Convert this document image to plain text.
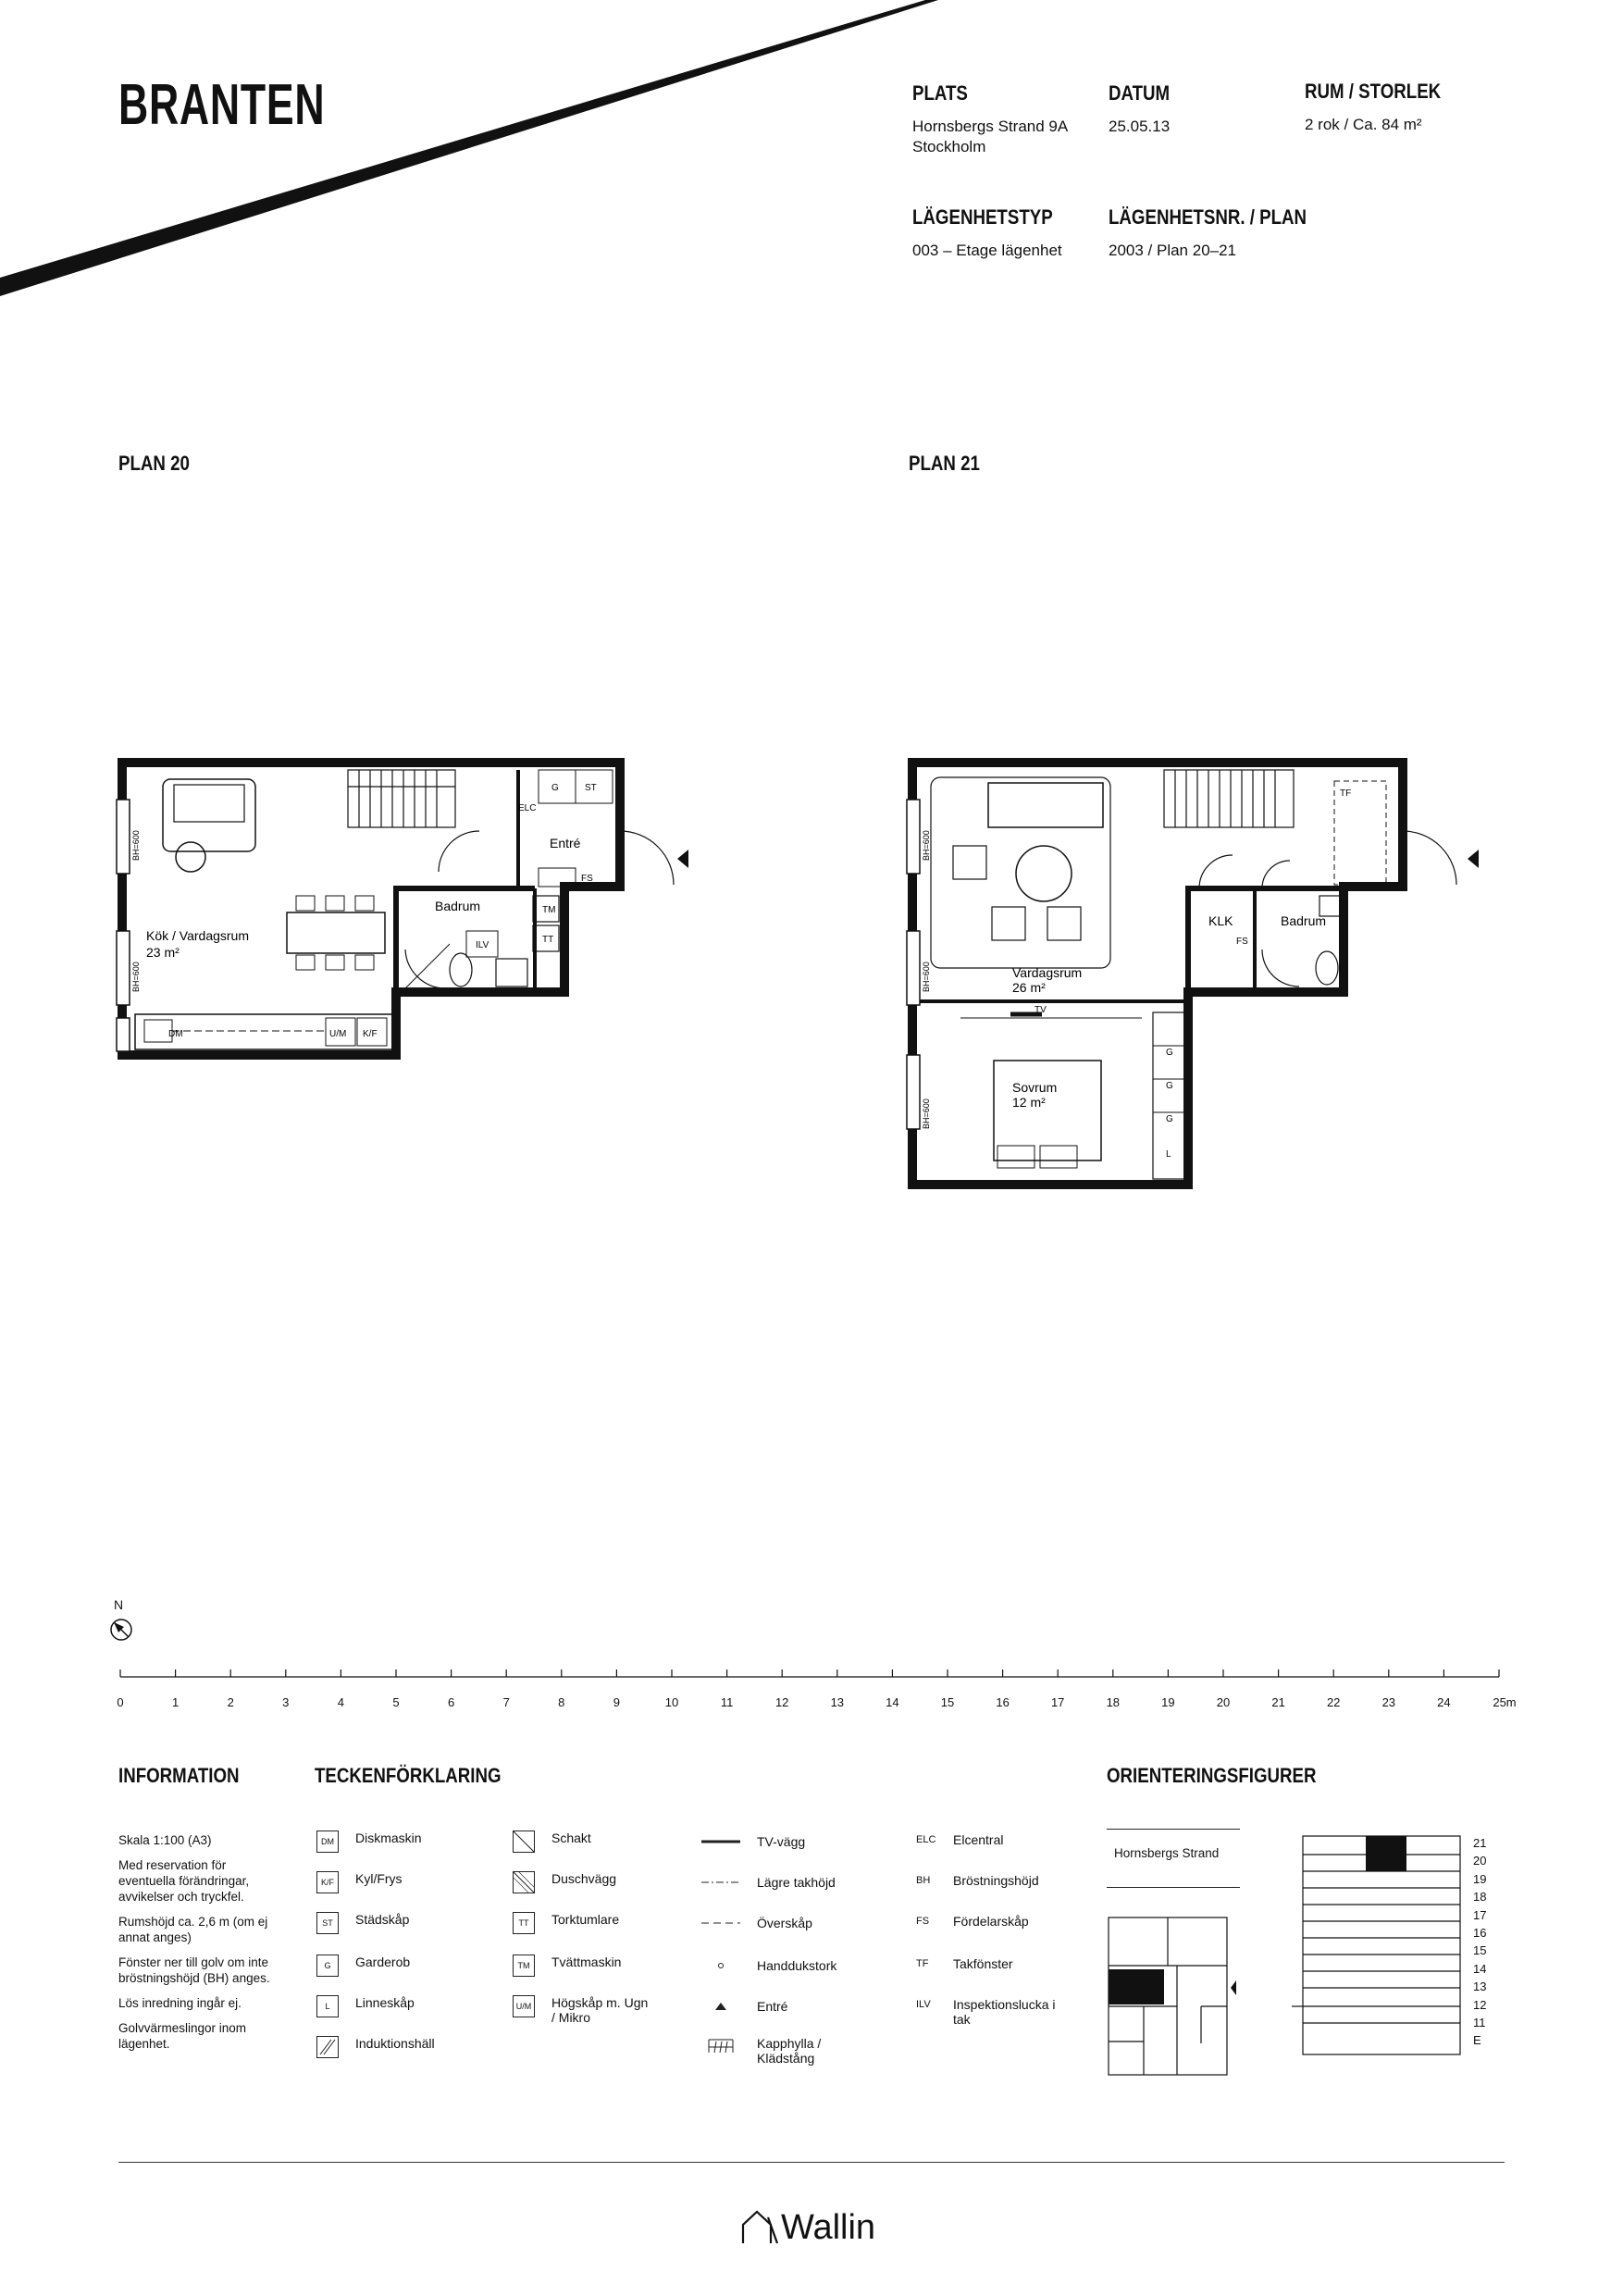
BRANTEN	PLATS
Hornsbergs Strand 9A
Stockholm
DATUM
25.05.13
RUM / STORLEK
2 rok / Ca. 84 m²
LÄGENHETSTYP
003 – Etage lägenhet
LÄGENHETSNR. / PLAN
2003 / Plan 20–21
PLAN 20	PLAN 21
Kök / Vardagsrum
23 m²
Badrum
Entré
G	ST
ELC
FS
TM
TT
ILV
DM	U/M K/F
BH=600
BH=600	Vardagsrum
26 m²
Sovrum
12 m²
KLK	Badrum
TF
FS
TV
G
G
G
L
BH=600
BH=600
BH=600
N
0	1	2	3	4	5	6	7	8	9	10	11	12	13	14	15	16	17	18	19	20	21	22	23	24	25m
INFORMATION

Skala 1:100 (A3)

Med reservation för eventuella förändringar, avvikelser och tryckfel.

Rumshöjd ca. 2,6 m (om ej annat anges)

Fönster ner till golv om inte bröstningshöjd (BH) anges.

Lös inredning ingår ej.

Golvvärmeslingor inom lägenhet.

TECKENFÖRKLARING
DM	Diskmaskin
K/F	Kyl/Frys
ST	Städskåp
G	Garderob
L	Linneskåp
Induktionshäll
Schakt
Duschvägg
TT	Torktumlare
TM	Tvättmaskin
U/M Högskåp m. Ugn / Mikro
TV-vägg
Lägre takhöjd
Överskåp
Handdukstork
Entré
Kapphylla / Klädstång
ELC	Elcentral
BH	Bröstningshöjd
FS	Fördelarskåp
TF	Takfönster
ILV	Inspektionslucka i tak
ORIENTERINGSFIGURER
Hornsbergs Strand
21
20
19
18
17
16
15
14
13
12
11
E
Wallin
